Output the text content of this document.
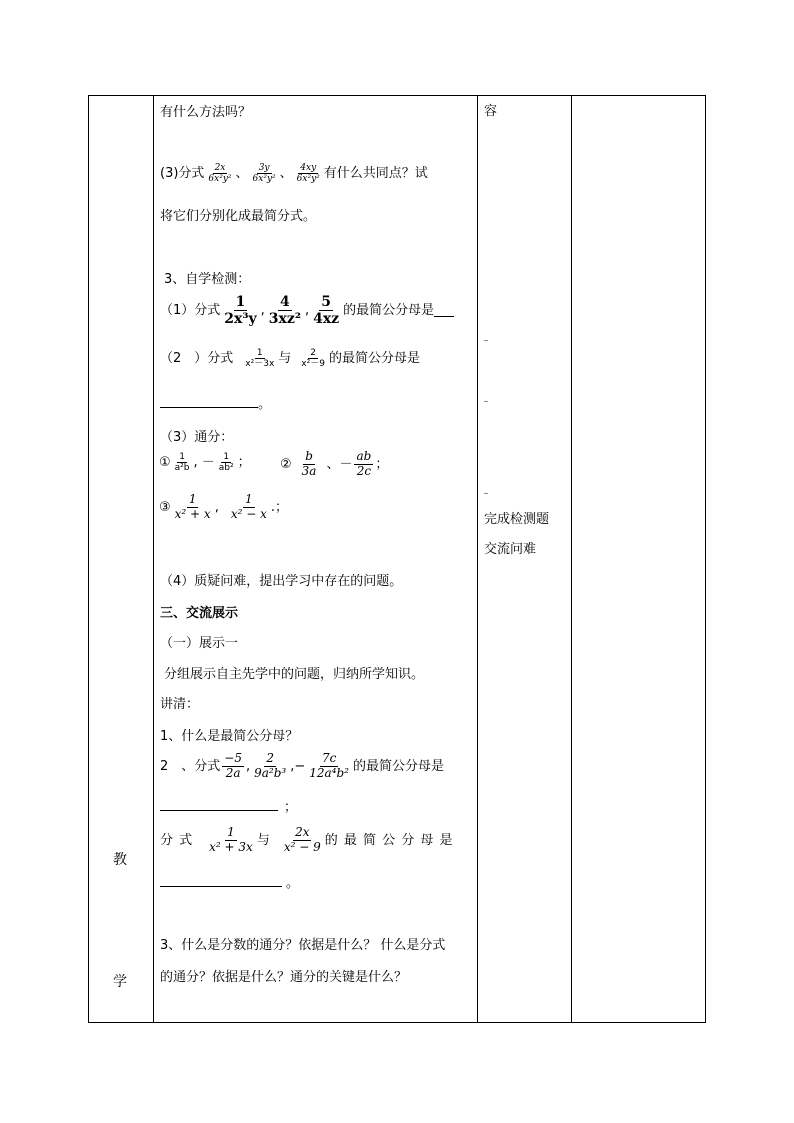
教
学
容
完成检测题
交流问难
有什么方法吗？
(3)分式 $\frac{2x}{\text{6x²y²}}$ 、 $\frac{3y}{\text{6x²y²}}$ 、 $\frac{4xy}{\text{6x²y²}}$ 有什么共同点？试
将它们分别化成最简分式。
3、自学检测：
（1）分式 $\frac{1}{\text{2x³y}}$ , $\frac{4}{\text{3xz²}}$ , $\frac{5}{4xz}$ 的最简公分母是
（2　）分式 $\frac{1}{\text{x²－3x}}$ 与 $\frac{2}{\text{x²－9}}$ 的最简公分母是
。
（3）通分：
① $\frac{1}{\text{a²b}}$ , － $\frac{1}{\text{ab²}}$ ； ② $\frac{b}{3a}$ 、－ $\frac{ab}{2c}$ ；
③ $\frac{1}{\text{x² + x}}$ , $\frac{1}{\text{x² − x}}$ .；
（4）质疑问难，提出学习中存在的问题。
三、交流展示
（一）展示一
分组展示自主先学中的问题，归纳所学知识。
讲清：
1、什么是最简公分母？
2　、分式 $\frac{-5}{2a}$ , $\frac{2}{\text{9a²b³}}$ ,− $\frac{7c}{\text{12a⁴b²}}$ 的最简公分母是
；
分 式 $\frac{1}{\text{x² + 3x}}$ 与 $\frac{2x}{\text{x² − 9}}$ 的 最 简 公 分 母 是
。
3、什么是分数的通分？依据是什么？ 什么是分式
的通分？依据是什么？通分的关键是什么？
